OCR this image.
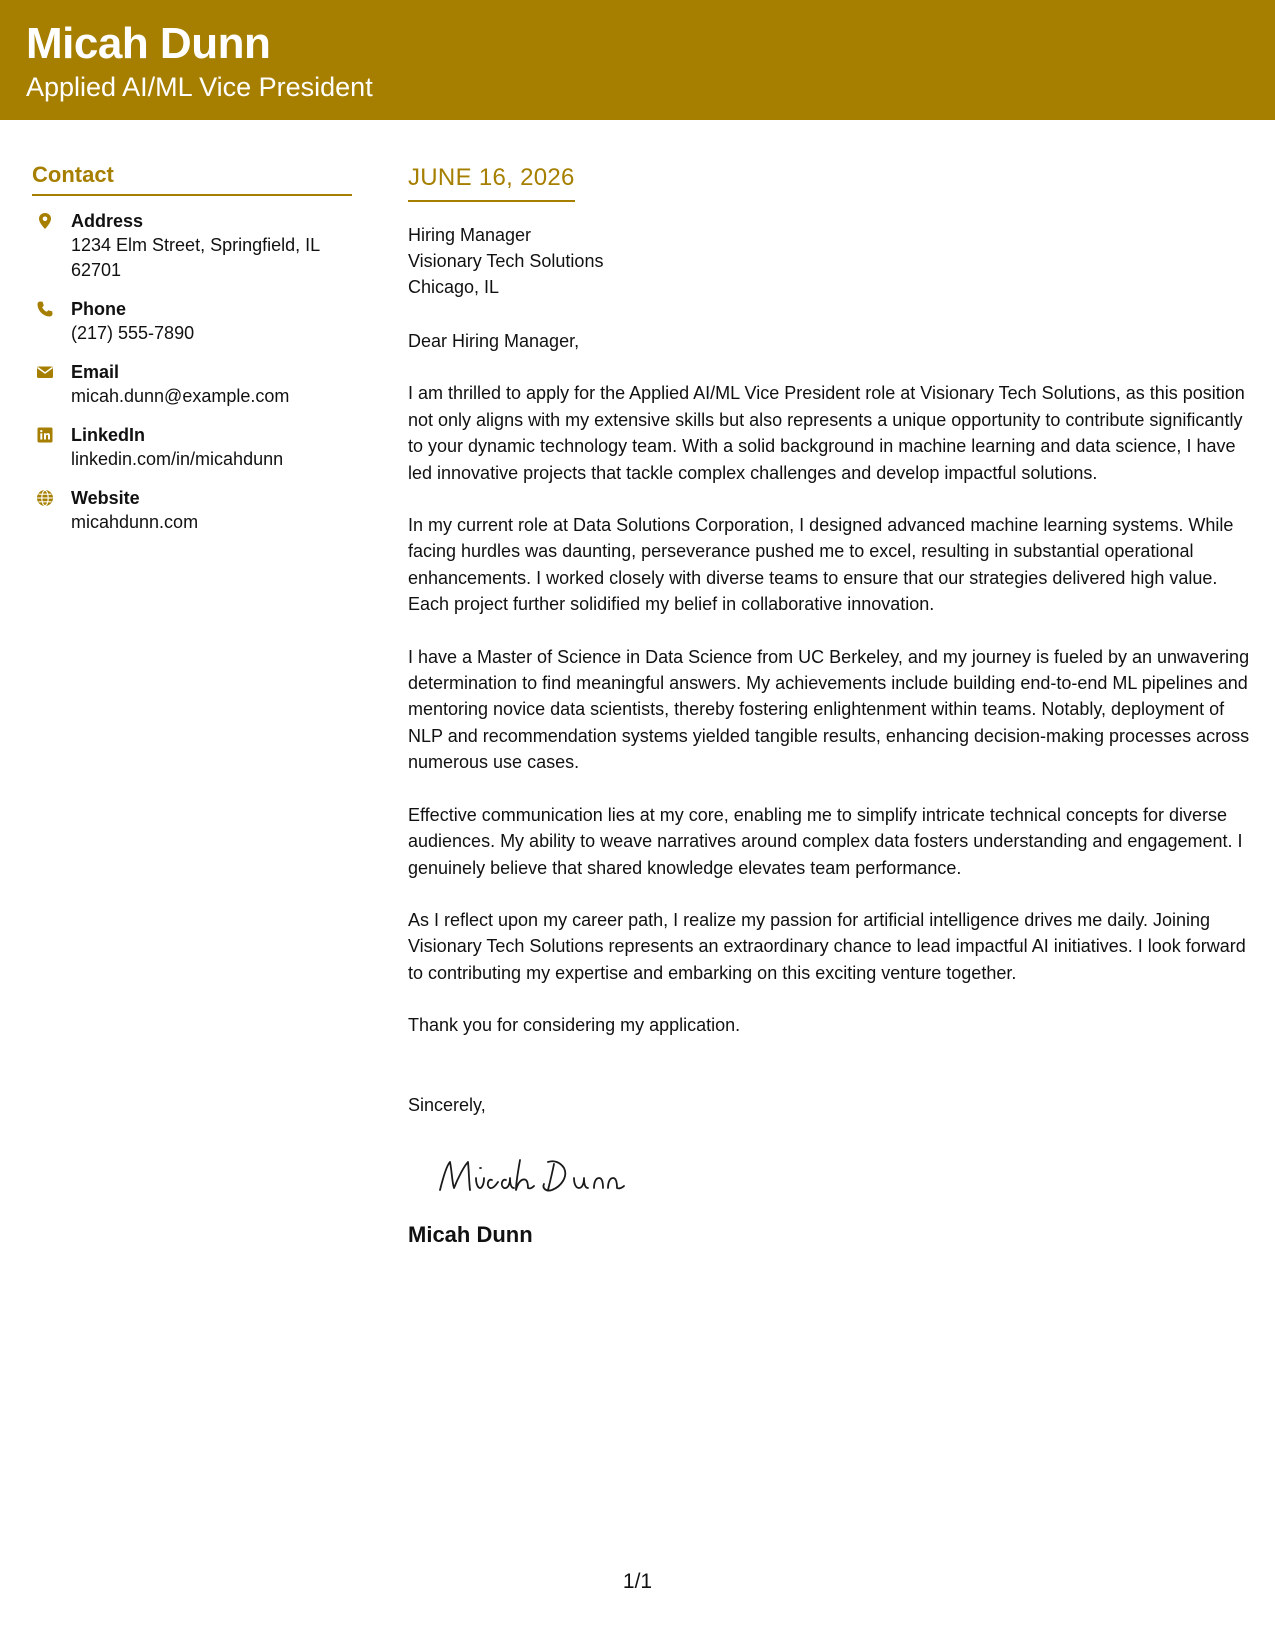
Micah Dunn
Applied AI/ML Vice President
Contact
Address
1234 Elm Street, Springfield, IL 62701
Phone
(217) 555-7890
Email
micah.dunn@example.com
LinkedIn
linkedin.com/in/micahdunn
Website
micahdunn.com
JUNE 16, 2026
Hiring Manager
Visionary Tech Solutions
Chicago, IL
Dear Hiring Manager,
I am thrilled to apply for the Applied AI/ML Vice President role at Visionary Tech Solutions, as this position not only aligns with my extensive skills but also represents a unique opportunity to contribute significantly to your dynamic technology team. With a solid background in machine learning and data science, I have led innovative projects that tackle complex challenges and develop impactful solutions.
In my current role at Data Solutions Corporation, I designed advanced machine learning systems. While facing hurdles was daunting, perseverance pushed me to excel, resulting in substantial operational enhancements. I worked closely with diverse teams to ensure that our strategies delivered high value. Each project further solidified my belief in collaborative innovation.
I have a Master of Science in Data Science from UC Berkeley, and my journey is fueled by an unwavering determination to find meaningful answers. My achievements include building end-to-end ML pipelines and mentoring novice data scientists, thereby fostering enlightenment within teams. Notably, deployment of NLP and recommendation systems yielded tangible results, enhancing decision-making processes across numerous use cases.
Effective communication lies at my core, enabling me to simplify intricate technical concepts for diverse audiences. My ability to weave narratives around complex data fosters understanding and engagement. I genuinely believe that shared knowledge elevates team performance.
As I reflect upon my career path, I realize my passion for artificial intelligence drives me daily. Joining Visionary Tech Solutions represents an extraordinary chance to lead impactful AI initiatives. I look forward to contributing my expertise and embarking on this exciting venture together.
Thank you for considering my application.
Sincerely,
Micah Dunn
1/1
